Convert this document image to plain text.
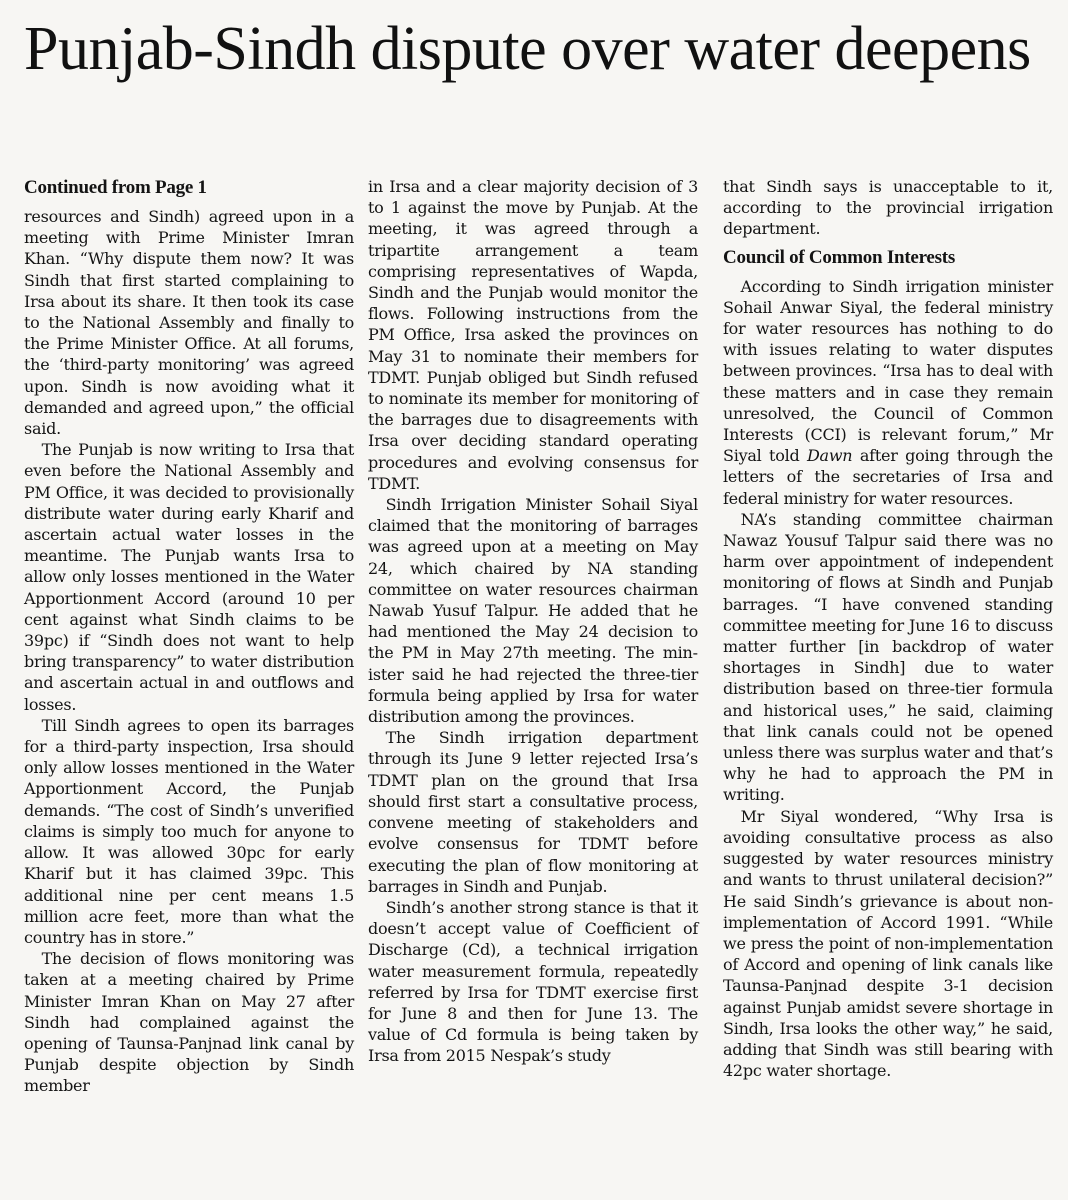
Punjab-Sindh dispute over water deepens
Continued from Page 1

resources and Sindh) agreed upon in a meeting with Prime Minister Imran Khan. “Why dispute them now? It was Sindh that first started complaining to Irsa about its share. It then took its case to the National Assembly and finally to the Prime Minister Office. At all forums, the ‘third-party monitoring’ was agreed upon. Sindh is now avoiding what it demanded and agreed upon,” the official said.

The Punjab is now writing to Irsa that even before the National Assembly and PM Office, it was decided to provisionally distribute water during early Kharif and ascertain actual water losses in the meantime. The Punjab wants Irsa to allow only losses mentioned in the Water Apportionment Accord (around 10 per cent against what Sindh claims to be 39pc) if “Sindh does not want to help bring transparency” to water distribution and ascertain actual in and outflows and losses.

Till Sindh agrees to open its barrages for a third-party inspection, Irsa should only allow losses mentioned in the Water Apportionment Accord, the Punjab demands. “The cost of Sindh’s unverified claims is simply too much for anyone to allow. It was allowed 30pc for early Kharif but it has claimed 39pc. This additional nine per cent means 1.5 million acre feet, more than what the country has in store.”

The decision of flows monitoring was taken at a meeting chaired by Prime Minister Imran Khan on May 27 after Sindh had complained against the opening of Taunsa-Panjnad link canal by Punjab despite objection by Sindh member

in Irsa and a clear majority decision of 3 to 1 against the move by Punjab. At the meeting, it was agreed through a tripartite arrangement a team comprising representatives of Wapda, Sindh and the Punjab would monitor the flows. Following instructions from the PM Office, Irsa asked the provinces on May 31 to nominate their members for TDMT. Punjab obliged but Sindh refused to nominate its member for monitoring of the barrages due to disagreements with Irsa over deciding standard operating procedures and evolving consensus for TDMT.

Sindh Irrigation Minister Sohail Siyal claimed that the monitoring of barrages was agreed upon at a meeting on May 24, which chaired by NA standing committee on water resources chairman Nawab Yusuf Talpur. He added that he had mentioned the May 24 decision to the PM in May 27th meeting. The minister said he had rejected the three-tier formula being applied by Irsa for water distribution among the provinces.

The Sindh irrigation department through its June 9 letter rejected Irsa’s TDMT plan on the ground that Irsa should first start a consultative process, convene meeting of stakeholders and evolve consensus for TDMT before executing the plan of flow monitoring at barrages in Sindh and Punjab.

Sindh’s another strong stance is that it doesn’t accept value of Coefficient of Discharge (Cd), a technical irrigation water measurement formula, repeatedly referred by Irsa for TDMT exercise first for June 8 and then for June 13. The value of Cd formula is being taken by Irsa from 2015 Nespak’s study

that Sindh says is unacceptable to it, according to the provincial irrigation department.

Council of Common Interests

According to Sindh irrigation minister Sohail Anwar Siyal, the federal ministry for water resources has nothing to do with issues relating to water disputes between provinces. “Irsa has to deal with these matters and in case they remain unresolved, the Council of Common Interests (CCI) is relevant forum,” Mr Siyal told Dawn after going through the letters of the secretaries of Irsa and federal ministry for water resources.

NA’s standing committee chairman Nawaz Yousuf Talpur said there was no harm over appointment of independent monitoring of flows at Sindh and Punjab barrages. “I have convened standing committee meeting for June 16 to discuss matter further [in backdrop of water shortages in Sindh] due to water distribution based on three-tier formula and historical uses,” he said, claiming that link canals could not be opened unless there was surplus water and that’s why he had to approach the PM in writing.

Mr Siyal wondered, “Why Irsa is avoiding consultative process as also suggested by water resources ministry and wants to thrust unilateral decision?” He said Sindh’s grievance is about non-implementation of Accord 1991. “While we press the point of non-implementation of Accord and opening of link canals like Taunsa-Panjnad despite 3-1 decision against Punjab amidst severe shortage in Sindh, Irsa looks the other way,” he said, adding that Sindh was still bearing with 42pc water shortage.
